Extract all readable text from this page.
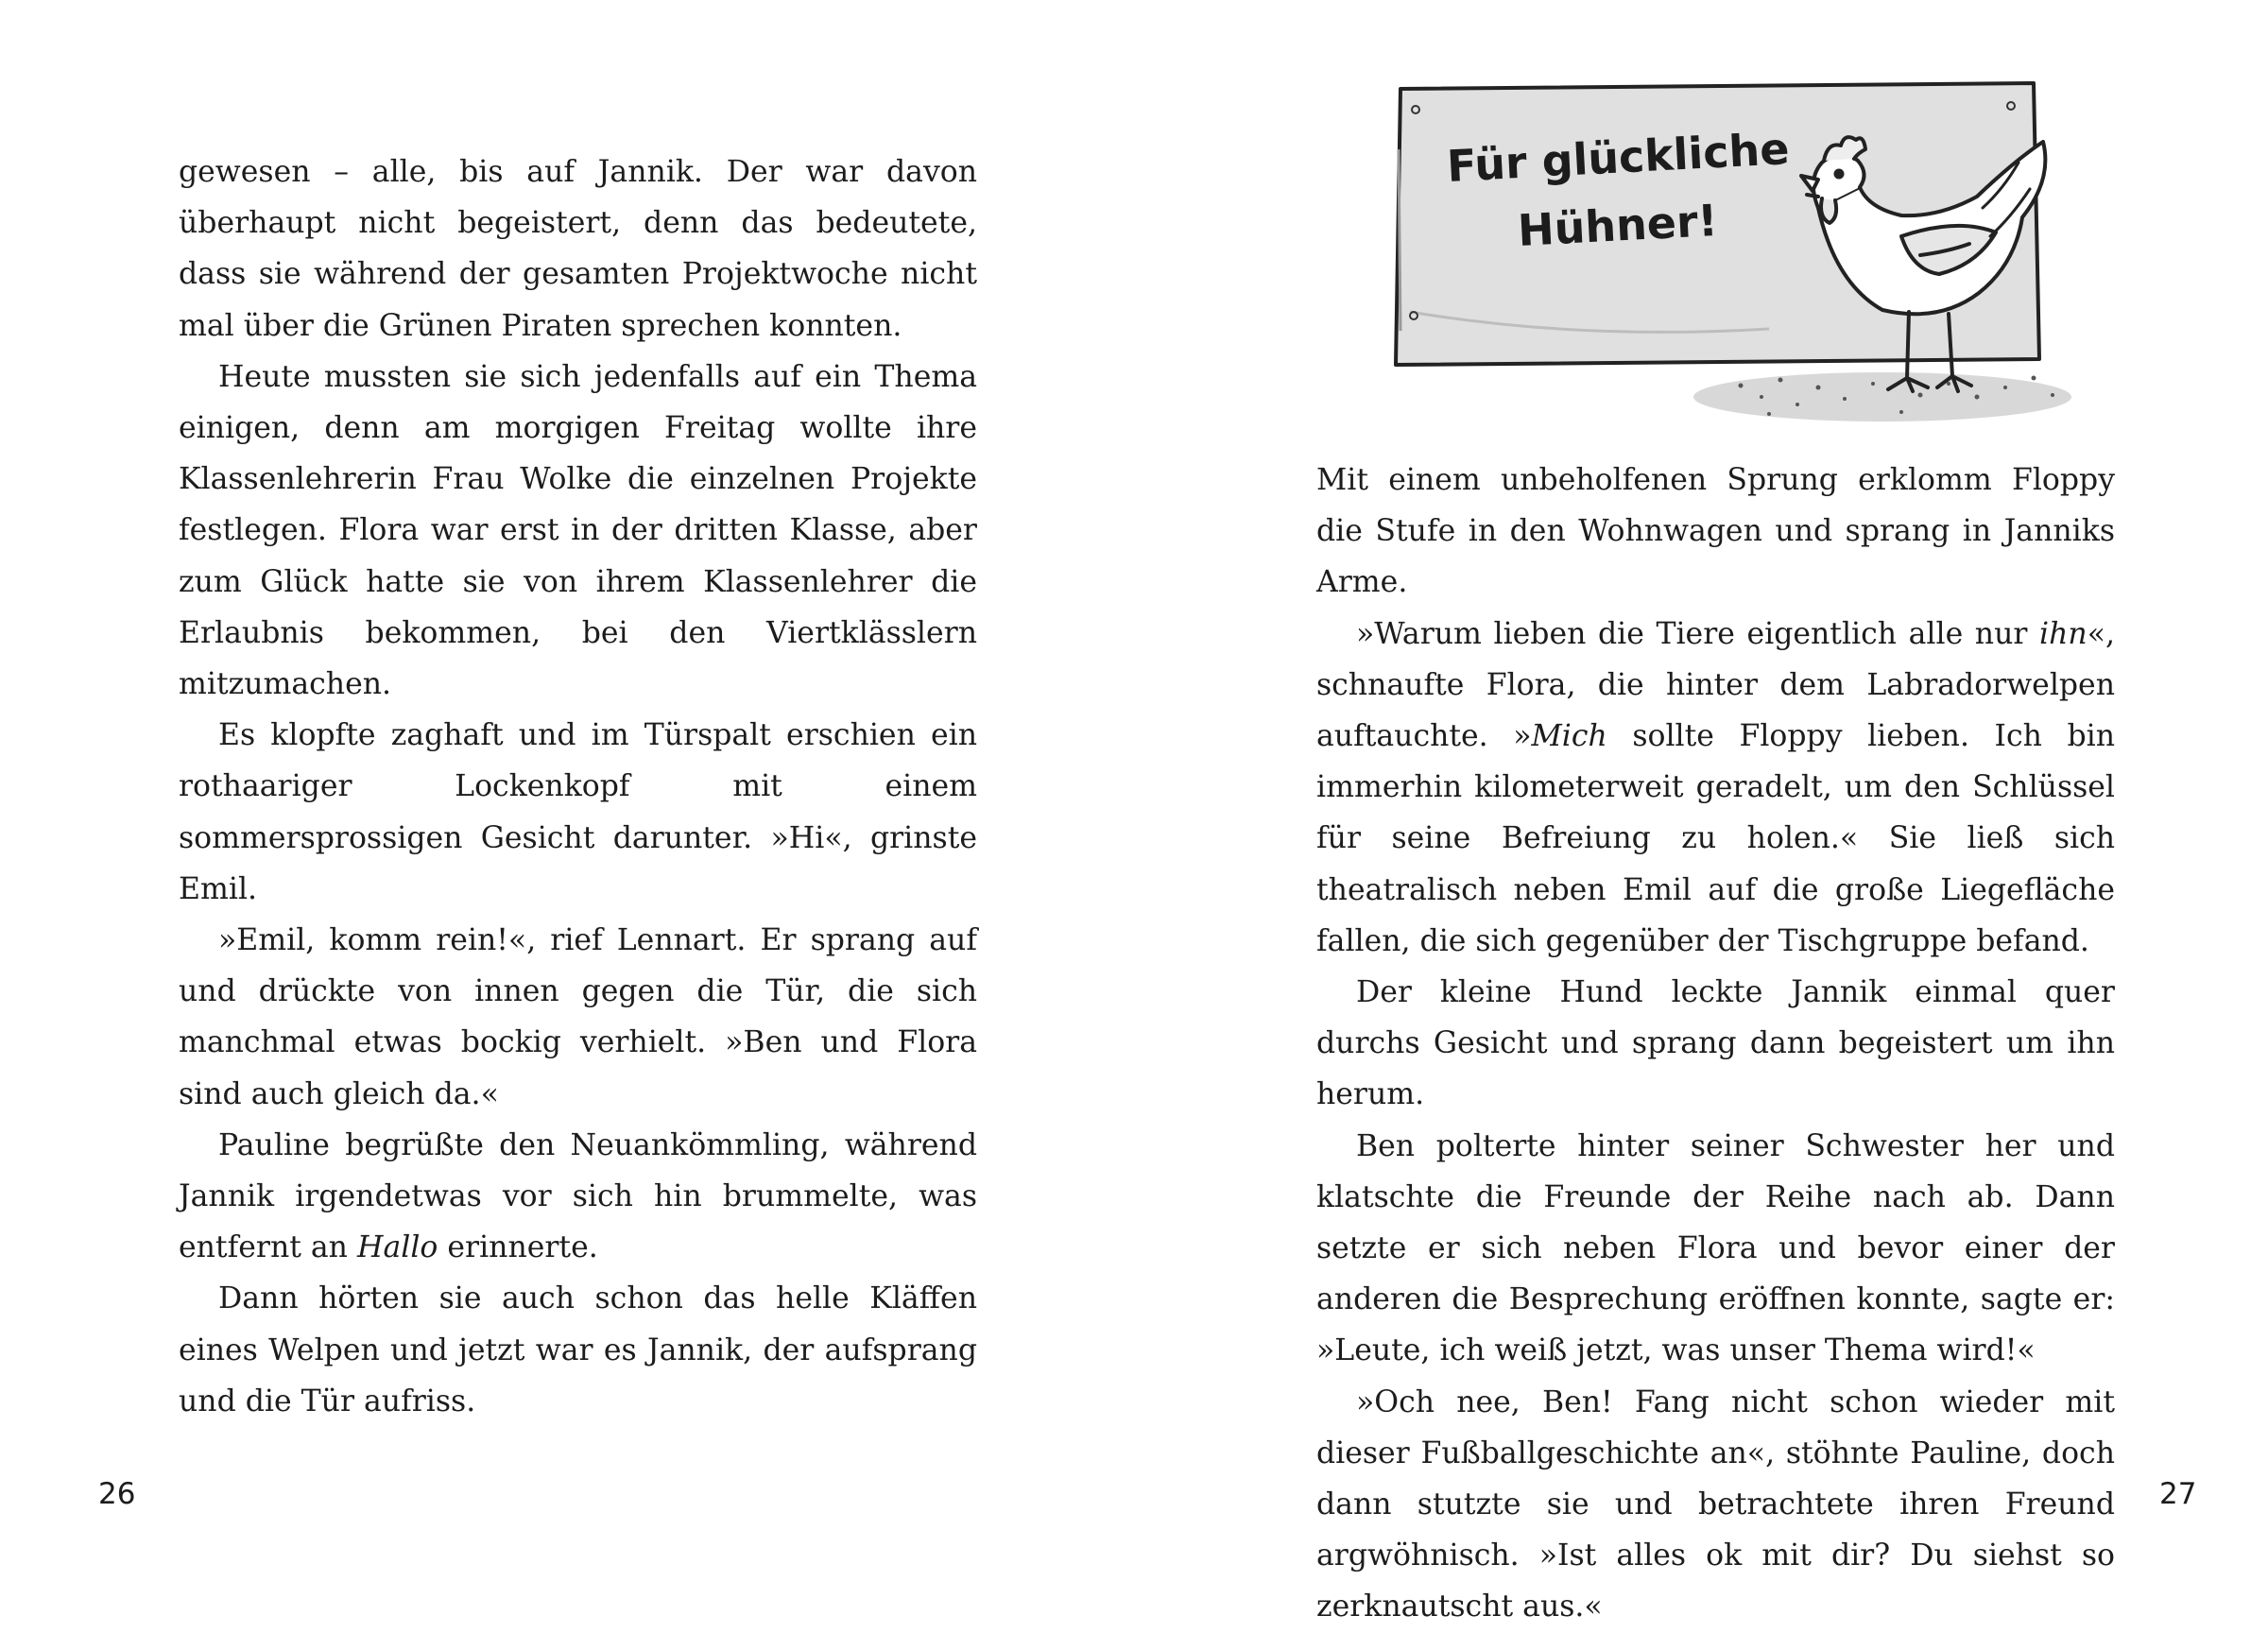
gewesen – alle, bis auf Jannik. Der war davon überhaupt nicht begeistert, denn das bedeutete, dass sie während der gesamten Projektwoche nicht mal über die Grünen Piraten sprechen konnten.

Heute mussten sie sich jedenfalls auf ein Thema einigen, denn am morgigen Freitag wollte ihre Klassenlehrerin Frau Wolke die einzelnen Projekte festlegen. Flora war erst in der dritten Klasse, aber zum Glück hatte sie von ihrem Klassenlehrer die Erlaubnis bekommen, bei den Viertklässlern mitzumachen.

Es klopfte zaghaft und im Türspalt erschien ein rothaariger Lockenkopf mit einem sommersprossigen Gesicht darunter. »Hi«, grinste Emil.

»Emil, komm rein!«, rief Lennart. Er sprang auf und drückte von innen gegen die Tür, die sich manchmal etwas bockig verhielt. »Ben und Flora sind auch gleich da.«

Pauline begrüßte den Neuankömmling, während Jannik irgendetwas vor sich hin brummelte, was entfernt an Hallo erinnerte.

Dann hörten sie auch schon das helle Kläffen eines Welpen und jetzt war es Jannik, der aufsprang und die Tür aufriss.

26
Für glückliche
Hühner!

Mit einem unbeholfenen Sprung erklomm Floppy die Stufe in den Wohnwagen und sprang in Janniks Arme.

»Warum lieben die Tiere eigentlich alle nur ihn«, schnaufte Flora, die hinter dem Labradorwelpen auftauchte. »Mich sollte Floppy lieben. Ich bin immerhin kilometerweit geradelt, um den Schlüssel für seine Befreiung zu holen.« Sie ließ sich theatralisch neben Emil auf die große Liegefläche fallen, die sich gegenüber der Tischgruppe befand.

Der kleine Hund leckte Jannik einmal quer durchs Gesicht und sprang dann begeistert um ihn herum.

Ben polterte hinter seiner Schwester her und klatschte die Freunde der Reihe nach ab. Dann setzte er sich neben Flora und bevor einer der anderen die Besprechung eröffnen konnte, sagte er: »Leute, ich weiß jetzt, was unser Thema wird!«

»Och nee, Ben! Fang nicht schon wieder mit dieser Fußballgeschichte an«, stöhnte Pauline, doch dann stutzte sie und betrachtete ihren Freund argwöhnisch. »Ist alles ok mit dir? Du siehst so zerknautscht aus.«

27
